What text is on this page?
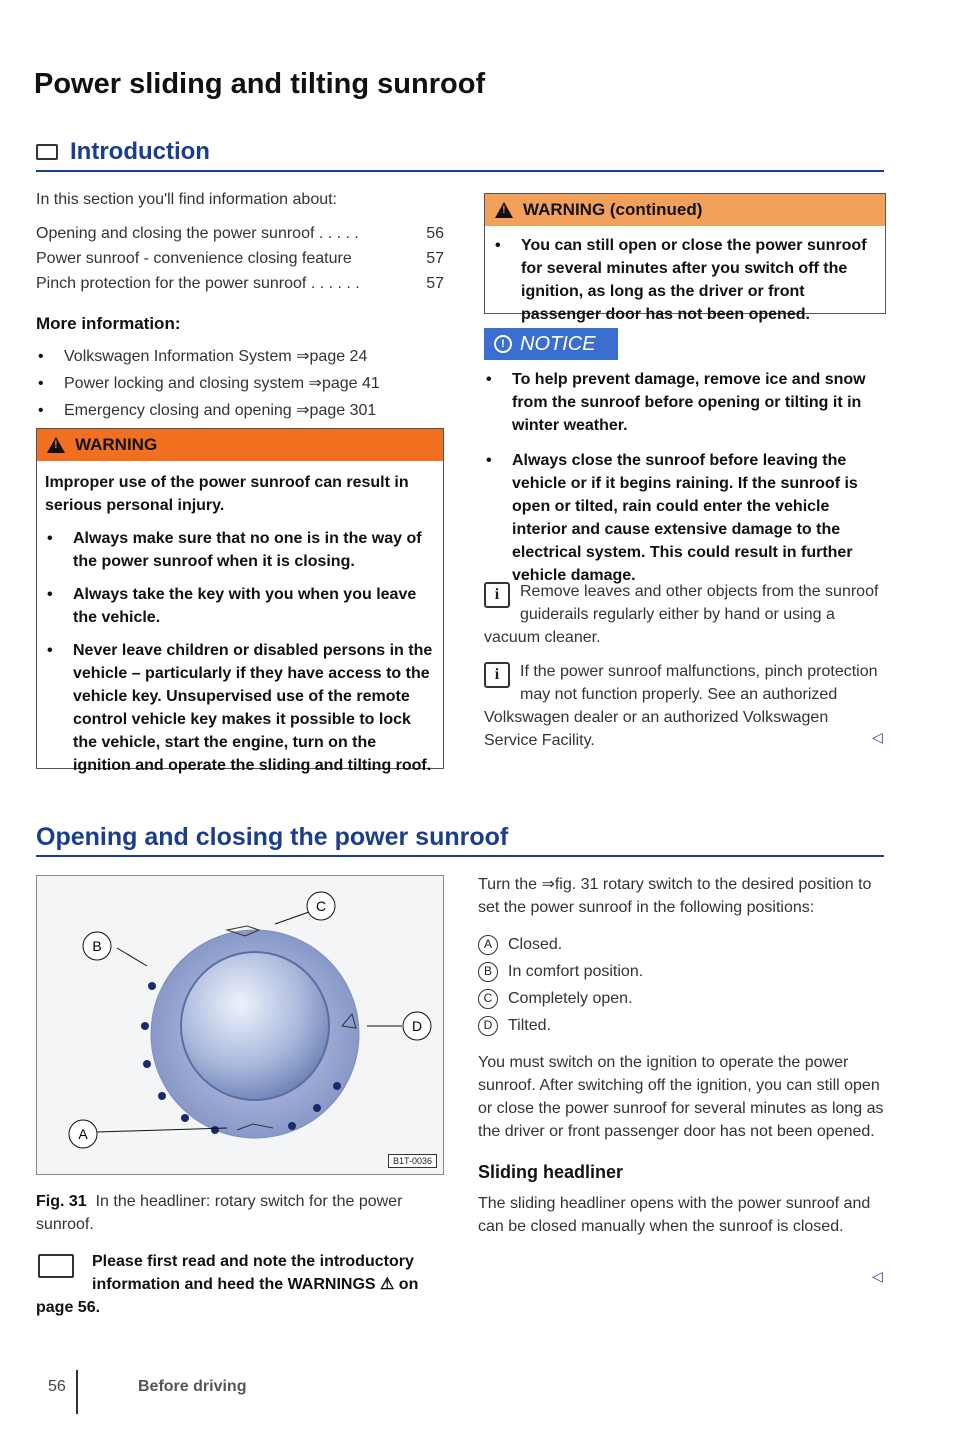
Power sliding and tilting sunroof
Introduction
In this section you'll find information about:
Opening and closing the power sunroof . . . . .	56
Power sunroof - convenience closing feature	57
Pinch protection for the power sunroof . . . . . .	57
More information:
• Volkswagen Information System ⇒page 24
• Power locking and closing system ⇒page 41
• Emergency closing and opening ⇒page 301
!
WARNING
Improper use of the power sunroof can result in serious personal injury.
• Always make sure that no one is in the way of the power sunroof when it is closing.
• Always take the key with you when you leave the vehicle.
• Never leave children or disabled persons in the vehicle – particularly if they have access to the vehicle key. Unsupervised use of the remote control vehicle key makes it possible to lock the vehicle, start the engine, turn on the ignition and operate the sliding and tilting roof.
!
WARNING (continued)
• You can still open or close the power sunroof for several minutes after you switch off the ignition, as long as the driver or front passenger door has not been opened.
! NOTICE
• To help prevent damage, remove ice and snow from the sunroof before opening or tilting it in winter weather.
• Always close the sunroof before leaving the vehicle or if it begins raining. If the sunroof is open or tilted, rain could enter the vehicle interior and cause extensive damage to the electrical system. This could result in further vehicle damage.
i	Remove leaves and other objects from the sunroof guiderails regularly either by hand or using a vacuum cleaner.
i	If the power sunroof malfunctions, pinch protection may not function properly. See an authorized Volkswagen dealer or an authorized Volkswagen Service Facility.	◁
Opening and closing the power sunroof
B
C
D
A
B1T-0036
Fig. 31 In the headliner: rotary switch for the power sunroof.
Please first read and note the introductory information and heed the WARNINGS ⚠ on page 56.
Turn the ⇒fig. 31 rotary switch to the desired position to set the power sunroof in the following positions:
A	Closed.
B	In comfort position.
C Completely open.
D Tilted.
You must switch on the ignition to operate the power sunroof. After switching off the ignition, you can still open or close the power sunroof for several minutes as long as the driver or front passenger door has not been opened.
Sliding headliner
The sliding headliner opens with the power sunroof and can be closed manually when the sunroof is closed.
◁
56	Before driving
